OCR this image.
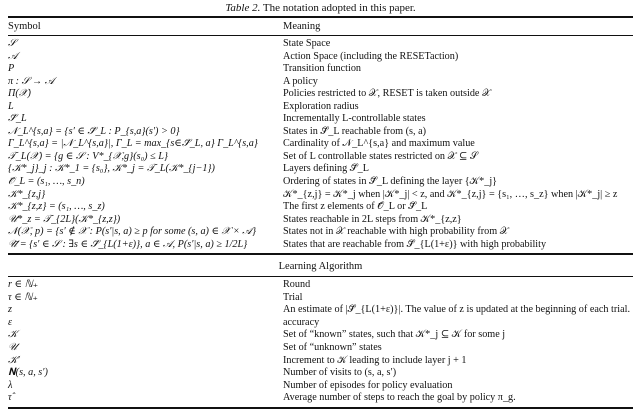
Table 2. The notation adopted in this paper.
Symbol	Meaning
𝒮	State Space
𝒜	Action Space (including the RESETaction)
P	Transition function
π : 𝒮 → 𝒜	A policy
Π(𝒳)	Policies restricted to 𝒳, RESET is taken outside 𝒳
L	Exploration radius
𝒮⃗_L	Incrementally L-controllable states
𝒩_L^{s,a} = {s′ ∈ 𝒮⃗_L : P_{s,a}(s′) > 0}	States in 𝒮⃗_L reachable from (s, a)
Γ_L^{s,a} = |𝒩_L^{s,a}|, Γ_L = max_{s∈𝒮⃗_L, a} Γ_L^{s,a}	Cardinality of 𝒩_L^{s,a} and maximum value
𝒯_L(𝒳) = {g ∈ 𝒮 : V*_{𝒳,g}(s₀) ≤ L}	Set of L controllable states restricted on 𝒳 ⊆ 𝒮
{𝒦*_j}_j : 𝒦*_1 = {s₀}, 𝒦*_j = 𝒯_L(𝒦*_{j−1})	Layers defining 𝒮⃗_L
𝒪⃗_L = (s₁, …, s_n)	Ordering of states in 𝒮⃗_L defining the layer {𝒦*_j}
𝒦*_{z,j}	𝒦*_{z,j} = 𝒦*_j when |𝒦*_j| < z, and 𝒦*_{z,j} = {s₁, …, s_z} when |𝒦*_j| ≥ z
𝒦*_{z,z} = (s₁, …, s_z)	The first z elements of 𝒪⃗_L or 𝒮⃗_L
𝒰*_z = 𝒯_{2L}(𝒦*_{z,z})	States reachable in 2L steps from 𝒦*_{z,z}
𝒩(𝒳, p) = {s′ ∉ 𝒳 : P(s′|s, a) ≥ p for some (s, a) ∈ 𝒳 × 𝒜}	States not in 𝒳 reachable with high probability from 𝒳
𝒰̃ = {s′ ∈ 𝒮 : ∃s ∈ 𝒮⃗_{L(1+ε)}, a ∈ 𝒜, P(s′|s, a) ≥ 1/2L}	States that are reachable from 𝒮⃗_{L(1+ε)} with high probability
Learning Algorithm
r ∈ ℕ₊	Round
τ ∈ ℕ₊	Trial
z	An estimate of |𝒮⃗_{L(1+ε)}|. The value of z is updated at the beginning of each trial.
ε	accuracy
𝒦	Set of “known” states, such that 𝒦*_j ⊆ 𝒦 for some j
𝒰	Set of “unknown” states
𝒦′	Increment to 𝒦 leading to include layer j + 1
𝐍(s, a, s′)	Number of visits to (s, a, s′)
λ	Number of episodes for policy evaluation
τ̂	Average number of steps to reach the goal by policy π_g.
